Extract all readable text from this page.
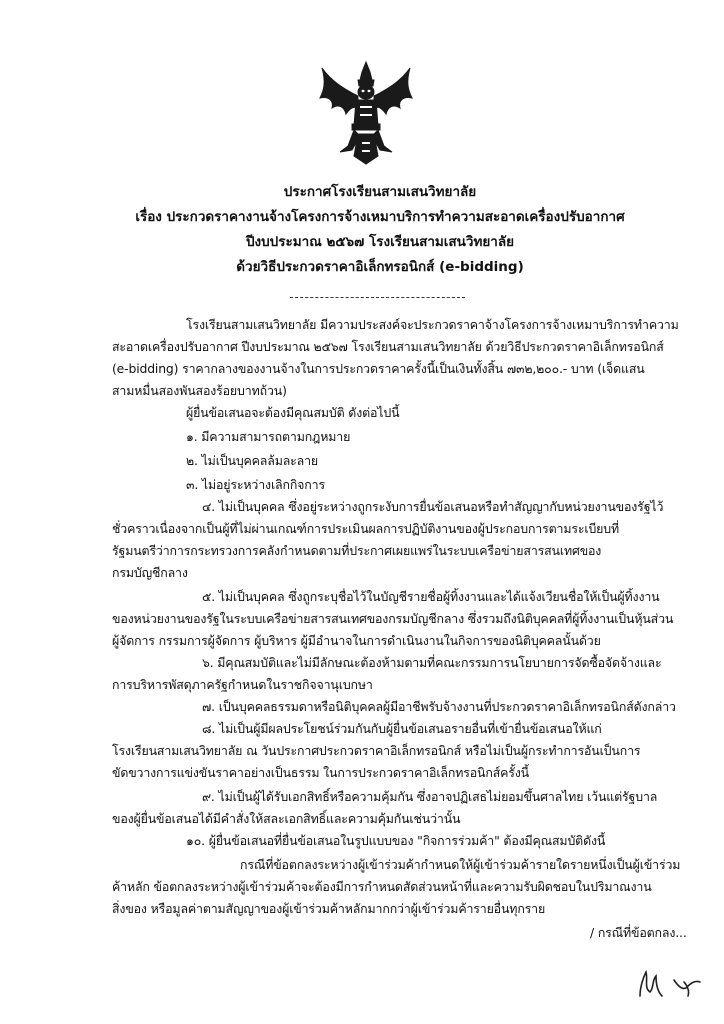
ประกาศโรงเรียนสามเสนวิทยาลัย
เรื่อง ประกวดราคางานจ้างโครงการจ้างเหมาบริการทำความสะอาดเครื่องปรับอากาศ
ปีงบประมาณ ๒๕๖๗ โรงเรียนสามเสนวิทยาลัย
ด้วยวิธีประกวดราคาอิเล็กทรอนิกส์ (e-bidding)
โรงเรียนสามเสนวิทยาลัย มีความประสงค์จะประกวดราคาจ้างโครงการจ้างเหมาบริการทำความ
สะอาดเครื่องปรับอากาศ ปีงบประมาณ ๒๕๖๗ โรงเรียนสามเสนวิทยาลัย ด้วยวิธีประกวดราคาอิเล็กทรอนิกส์
(e-bidding) ราคากลางของงานจ้างในการประกวดราคาครั้งนี้เป็นเงินทั้งสิ้น ๗๓๒,๒๐๐.- บาท (เจ็ดแสน
สามหมื่นสองพันสองร้อยบาทถ้วน)
ผู้ยื่นข้อเสนอจะต้องมีคุณสมบัติ ดังต่อไปนี้
๑. มีความสามารถตามกฎหมาย
๒. ไม่เป็นบุคคลล้มละลาย
๓. ไม่อยู่ระหว่างเลิกกิจการ
๔. ไม่เป็นบุคคล ซึ่งอยู่ระหว่างถูกระงับการยื่นข้อเสนอหรือทำสัญญากับหน่วยงานของรัฐไว้
ชั่วคราวเนื่องจากเป็นผู้ที่ไม่ผ่านเกณฑ์การประเมินผลการปฏิบัติงานของผู้ประกอบการตามระเบียบที่
รัฐมนตรีว่าการกระทรวงการคลังกำหนดตามที่ประกาศเผยแพร่ในระบบเครือข่ายสารสนเทศของ
กรมบัญชีกลาง
๕. ไม่เป็นบุคคล ซึ่งถูกระบุชื่อไว้ในบัญชีรายชื่อผู้ทิ้งงานและได้แจ้งเวียนชื่อให้เป็นผู้ทิ้งงาน
ของหน่วยงานของรัฐในระบบเครือข่ายสารสนเทศของกรมบัญชีกลาง ซึ่งรวมถึงนิติบุคคลที่ผู้ทิ้งงานเป็นหุ้นส่วน
ผู้จัดการ กรรมการผู้จัดการ ผู้บริหาร ผู้มีอำนาจในการดำเนินงานในกิจการของนิติบุคคลนั้นด้วย
๖. มีคุณสมบัติและไม่มีลักษณะต้องห้ามตามที่คณะกรรมการนโยบายการจัดซื้อจัดจ้างและ
การบริหารพัสดุภาครัฐกำหนดในราชกิจจานุเบกษา
๗. เป็นบุคคลธรรมดาหรือนิติบุคคลผู้มีอาชีพรับจ้างงานที่ประกวดราคาอิเล็กทรอนิกส์ดังกล่าว
๘. ไม่เป็นผู้มีผลประโยชน์ร่วมกันกับผู้ยื่นข้อเสนอรายอื่นที่เข้ายื่นข้อเสนอให้แก่
โรงเรียนสามเสนวิทยาลัย ณ วันประกาศประกวดราคาอิเล็กทรอนิกส์ หรือไม่เป็นผู้กระทำการอันเป็นการ
ขัดขวางการแข่งขันราคาอย่างเป็นธรรม ในการประกวดราคาอิเล็กทรอนิกส์ครั้งนี้
๙. ไม่เป็นผู้ได้รับเอกสิทธิ์หรือความคุ้มกัน ซึ่งอาจปฏิเสธไม่ยอมขึ้นศาลไทย เว้นแต่รัฐบาล
ของผู้ยื่นข้อเสนอได้มีคำสั่งให้สละเอกสิทธิ์และความคุ้มกันเช่นว่านั้น
๑๐. ผู้ยื่นข้อเสนอที่ยื่นข้อเสนอในรูปแบบของ "กิจการร่วมค้า" ต้องมีคุณสมบัติดังนี้
กรณีที่ข้อตกลงระหว่างผู้เข้าร่วมค้ากำหนดให้ผู้เข้าร่วมค้ารายใดรายหนึ่งเป็นผู้เข้าร่วม
ค้าหลัก ข้อตกลงระหว่างผู้เข้าร่วมค้าจะต้องมีการกำหนดสัดส่วนหน้าที่และความรับผิดชอบในปริมาณงาน
สิ่งของ หรือมูลค่าตามสัญญาของผู้เข้าร่วมค้าหลักมากกว่าผู้เข้าร่วมค้ารายอื่นทุกราย
/ กรณีที่ข้อตกลง...
